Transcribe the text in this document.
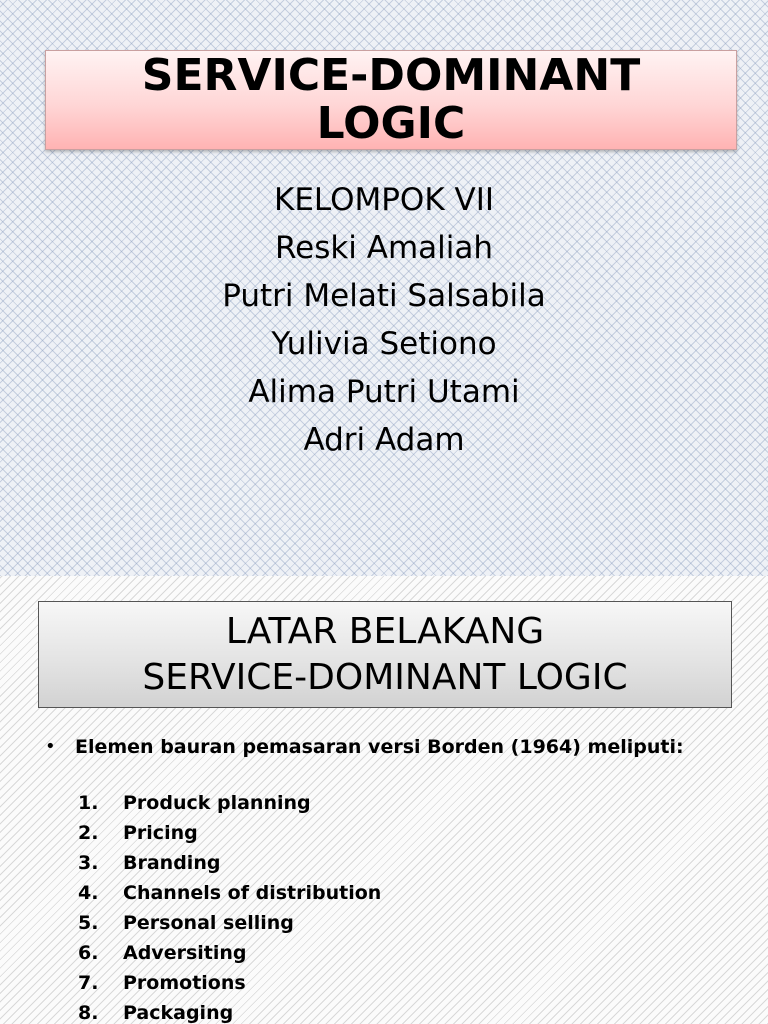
SERVICE-DOMINANT
LOGIC
KELOMPOK VII
Reski Amaliah
Putri Melati Salsabila
Yulivia Setiono
Alima Putri Utami
Adri Adam
LATAR BELAKANG
SERVICE-DOMINANT LOGIC
•	Elemen bauran pemasaran versi Borden (1964) meliputi:
1.	Produck planning
2.	Pricing
3.	Branding
4.	Channels of distribution
5.	Personal selling
6.	Adversiting
7.	Promotions
8.	Packaging
